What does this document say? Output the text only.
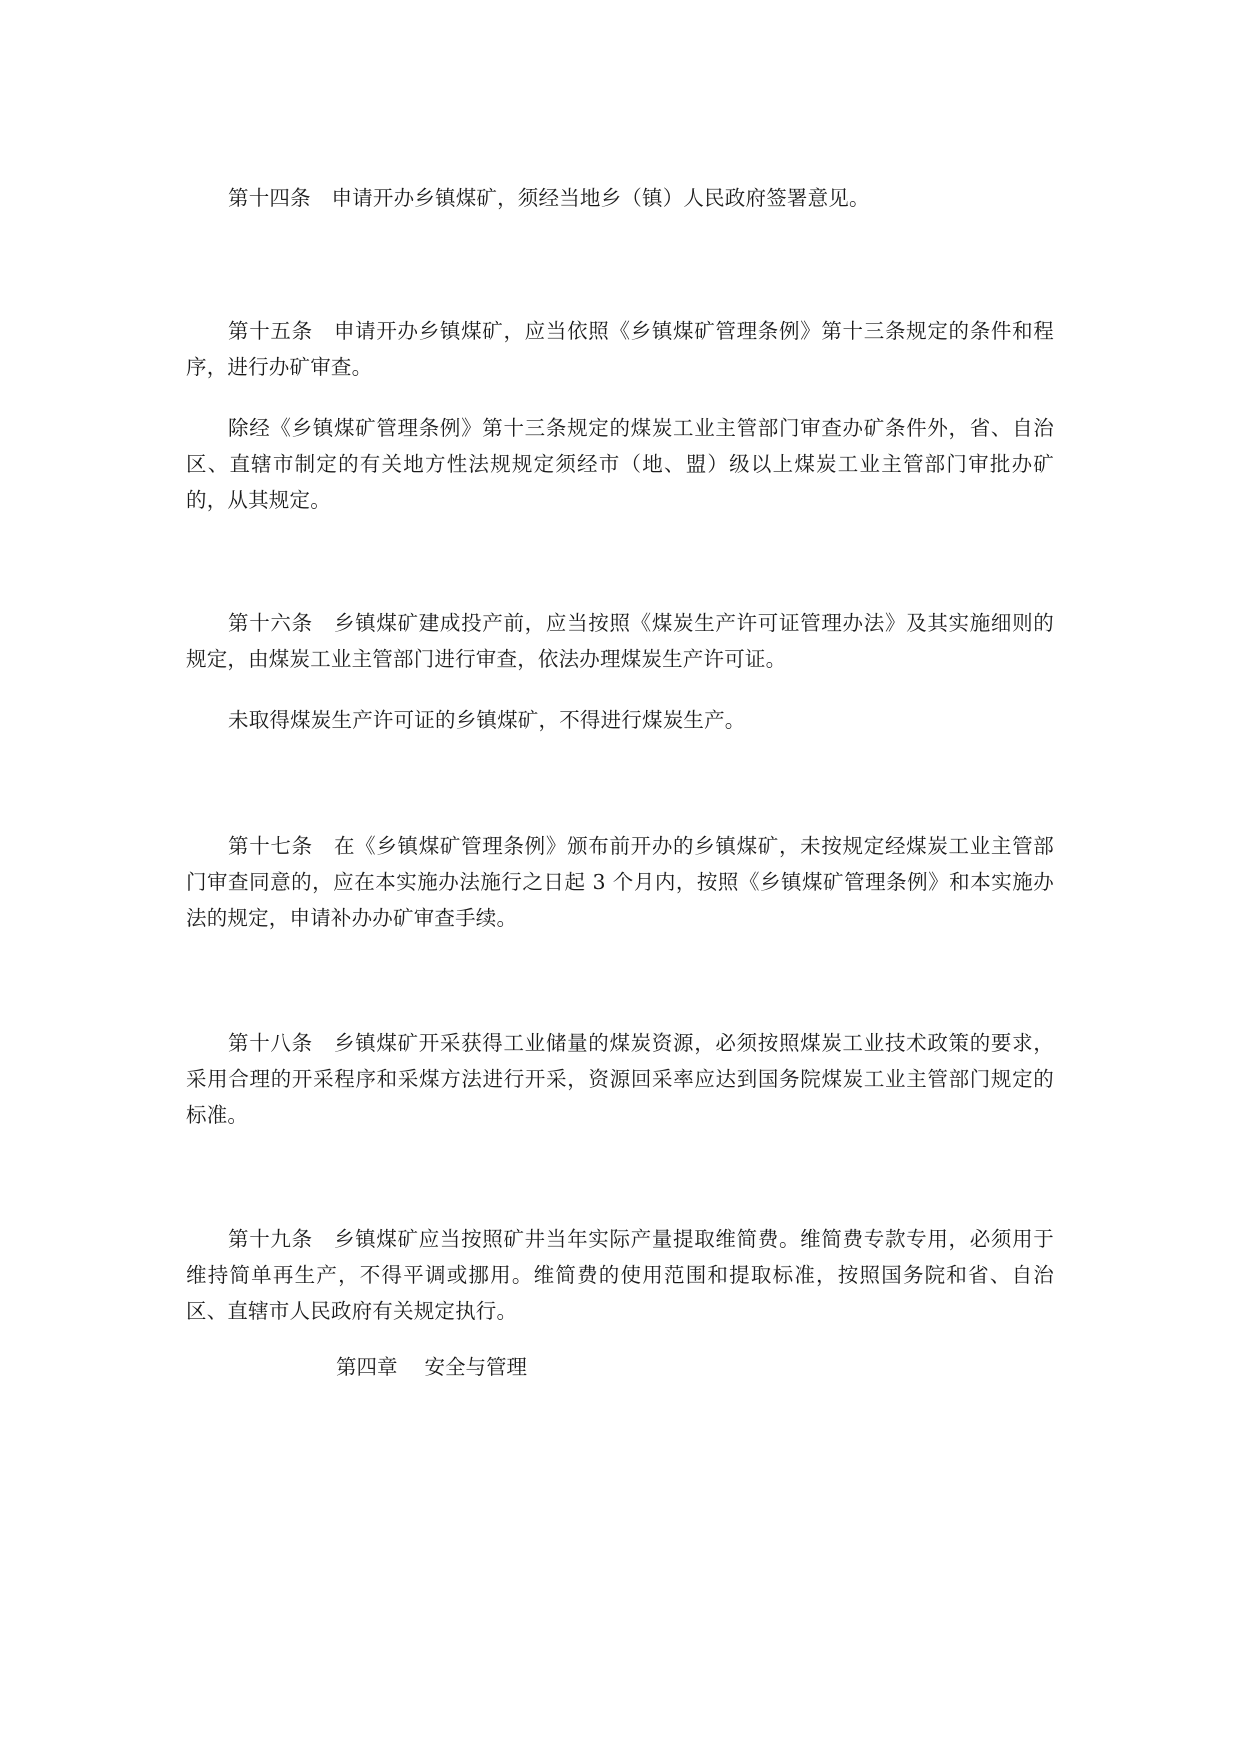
第十四条　申请开办乡镇煤矿，须经当地乡（镇）人民政府签署意见。

第十五条　申请开办乡镇煤矿，应当依照《乡镇煤矿管理条例》第十三条规定的条件和程序，进行办矿审查。

除经《乡镇煤矿管理条例》第十三条规定的煤炭工业主管部门审查办矿条件外，省、自治区、直辖市制定的有关地方性法规规定须经市（地、盟）级以上煤炭工业主管部门审批办矿的，从其规定。

第十六条　乡镇煤矿建成投产前，应当按照《煤炭生产许可证管理办法》及其实施细则的规定，由煤炭工业主管部门进行审查，依法办理煤炭生产许可证。

未取得煤炭生产许可证的乡镇煤矿，不得进行煤炭生产。

第十七条　在《乡镇煤矿管理条例》颁布前开办的乡镇煤矿，未按规定经煤炭工业主管部门审查同意的，应在本实施办法施行之日起 3 个月内，按照《乡镇煤矿管理条例》和本实施办法的规定，申请补办办矿审查手续。

第十八条　乡镇煤矿开采获得工业储量的煤炭资源，必须按照煤炭工业技术政策的要求，采用合理的开采程序和采煤方法进行开采，资源回采率应达到国务院煤炭工业主管部门规定的标准。

第十九条　乡镇煤矿应当按照矿井当年实际产量提取维简费。维简费专款专用，必须用于维持简单再生产，不得平调或挪用。维简费的使用范围和提取标准，按照国务院和省、自治区、直辖市人民政府有关规定执行。

第四章　 安全与管理
